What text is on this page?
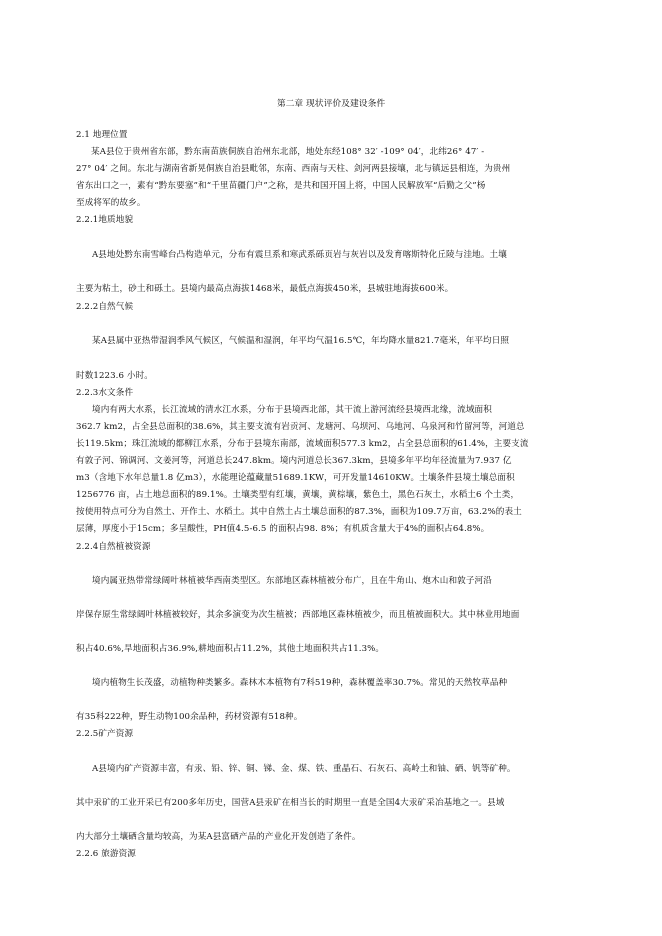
第二章 现状评价及建设条件
2.1 地理位置
某A县位于贵州省东部，黔东南苗族侗族自治州东北部，地处东经108° 32′ -109° 04′，北纬26° 47′ -
27° 04′ 之间。东北与湖南省新晃侗族自治县毗邻，东南、西南与天柱、剑河两县接壤，北与镇远县相连，为贵州
省东出口之一，素有“黔东要塞”和“千里苗疆门户”之称，是共和国开国上将，中国人民解放军“后勤之父”杨
至成将军的故乡。
2.2.1地质地貌
A县地处黔东南雪峰台凸构造单元，分布有震旦系和寒武系砾页岩与灰岩以及发育喀斯特化丘陵与洼地。土壤
主要为粘土，砂土和砾土。县境内最高点海拔1468米，最低点海拔450米，县城驻地海拔600米。
2.2.2自然气候
某A县属中亚热带湿润季风气候区，气候温和湿润，年平均气温16.5℃，年均降水量821.7毫米，年平均日照
时数1223.6 小时。
2.2.3水文条件
境内有两大水系，长江流域的清水江水系，分布于县境西北部，其干流上游河流经县境西北缘，流域面积
362.7 km2，占全县总面积的38.6%，其主要支流有岩贡河、龙塘河、乌坝河、乌地河、乌泉河和竹留河等，河道总
长119.5km；珠江流域的都柳江水系，分布于县境东南部，流域面积577.3 km2，占全县总面积的61.4%，主要支流
有敦子河、锦调河、文姜河等，河道总长247.8km。境内河道总长367.3km，县境多年平均年径流量为7.937 亿
m3（含地下水年总量1.8 亿m3），水能理论蕴藏量51689.1KW，可开发量14610KW。土壤条件县境土壤总面积
1256776 亩，占土地总面积的89.1%。土壤类型有红壤，黄壤，黄棕壤，紫色土，黑色石灰土，水稻土6 个土类，
按使用特点可分为自然土、开作土、水稻土。其中自然土占土壤总面积的87.3%，面积为109.7万亩，63.2%的表土
层薄，厚度小于15cm；多呈酸性，PH值4.5-6.5 的面积占98. 8%；有机质含量大于4%的面积占64.8%。
2.2.4自然植被资源
境内属亚热带常绿阔叶林植被华西南类型区。东部地区森林植被分布广，且在牛角山、炮木山和敦子河沿
岸保存原生常绿阔叶林植被较好，其余多演变为次生植被；西部地区森林植被少，而且植被面积大。其中林业用地面
积占40.6%,旱地面积占36.9%,耕地面积占11.2%，其他土地面积共占11.3%。
境内植物生长茂盛，动植物种类繁多。森林木本植物有7科519种，森林覆盖率30.7%。常见的天然牧草品种
有35科222种，野生动物100余品种，药材资源有518种。
2.2.5矿产资源
A县境内矿产资源丰富，有汞、铅、锌、铜、锑、金、煤、铁、重晶石、石灰石、高岭土和铀、硒、钒等矿种。
其中汞矿的工业开采已有200多年历史，国营A县汞矿在相当长的时期里一直是全国4大汞矿采冶基地之一。县域
内大部分土壤硒含量均较高，为某A县富硒产品的产业化开发创造了条件。
2.2.6 旅游资源
